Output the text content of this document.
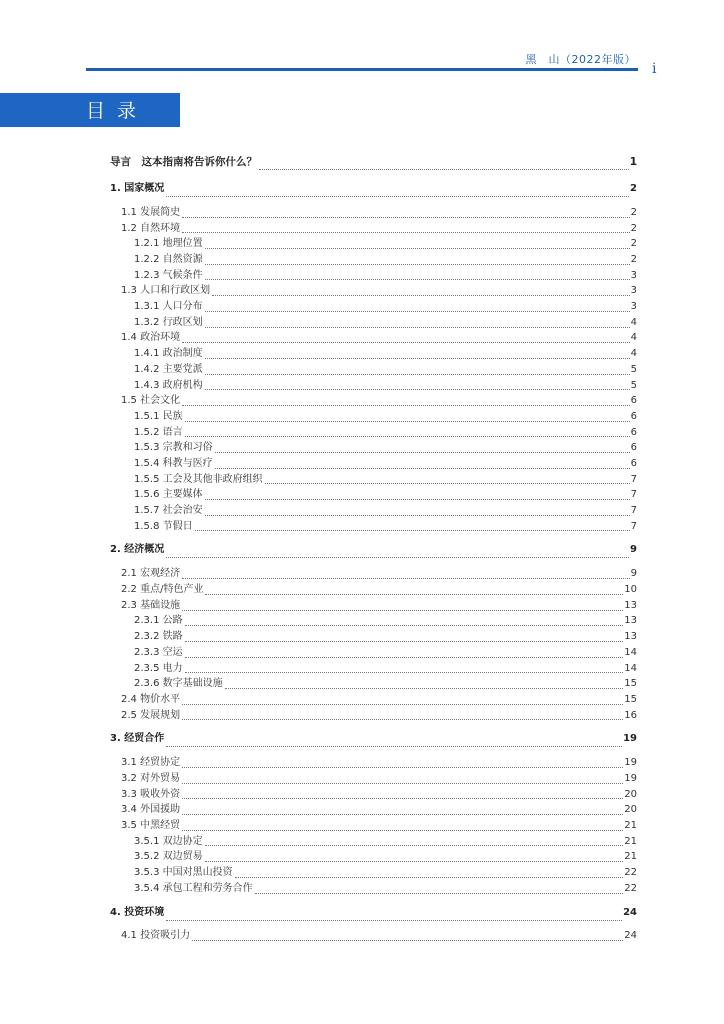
黑　山（2022年版）
i
目录
导言　这本指南将告诉你什么？	1
1. 国家概况	2
1.1 发展简史	2
1.2 自然环境	2
1.2.1 地理位置	2
1.2.2 自然资源	2
1.2.3 气候条件	3
1.3 人口和行政区划	3
1.3.1 人口分布	3
1.3.2 行政区划	4
1.4 政治环境	4
1.4.1 政治制度	4
1.4.2 主要党派	5
1.4.3 政府机构	5
1.5 社会文化	6
1.5.1 民族	6
1.5.2 语言	6
1.5.3 宗教和习俗	6
1.5.4 科教与医疗	6
1.5.5 工会及其他非政府组织	7
1.5.6 主要媒体	7
1.5.7 社会治安	7
1.5.8 节假日	7
2. 经济概况	9
2.1 宏观经济	9
2.2 重点/特色产业	10
2.3 基础设施	13
2.3.1 公路	13
2.3.2 铁路	13
2.3.3 空运	14
2.3.5 电力	14
2.3.6 数字基础设施	15
2.4 物价水平	15
2.5 发展规划	16
3. 经贸合作	19
3.1 经贸协定	19
3.2 对外贸易	19
3.3 吸收外资	20
3.4 外国援助	20
3.5 中黑经贸	21
3.5.1 双边协定	21
3.5.2 双边贸易	21
3.5.3 中国对黑山投资	22
3.5.4 承包工程和劳务合作	22
4. 投资环境	24
4.1 投资吸引力	24
